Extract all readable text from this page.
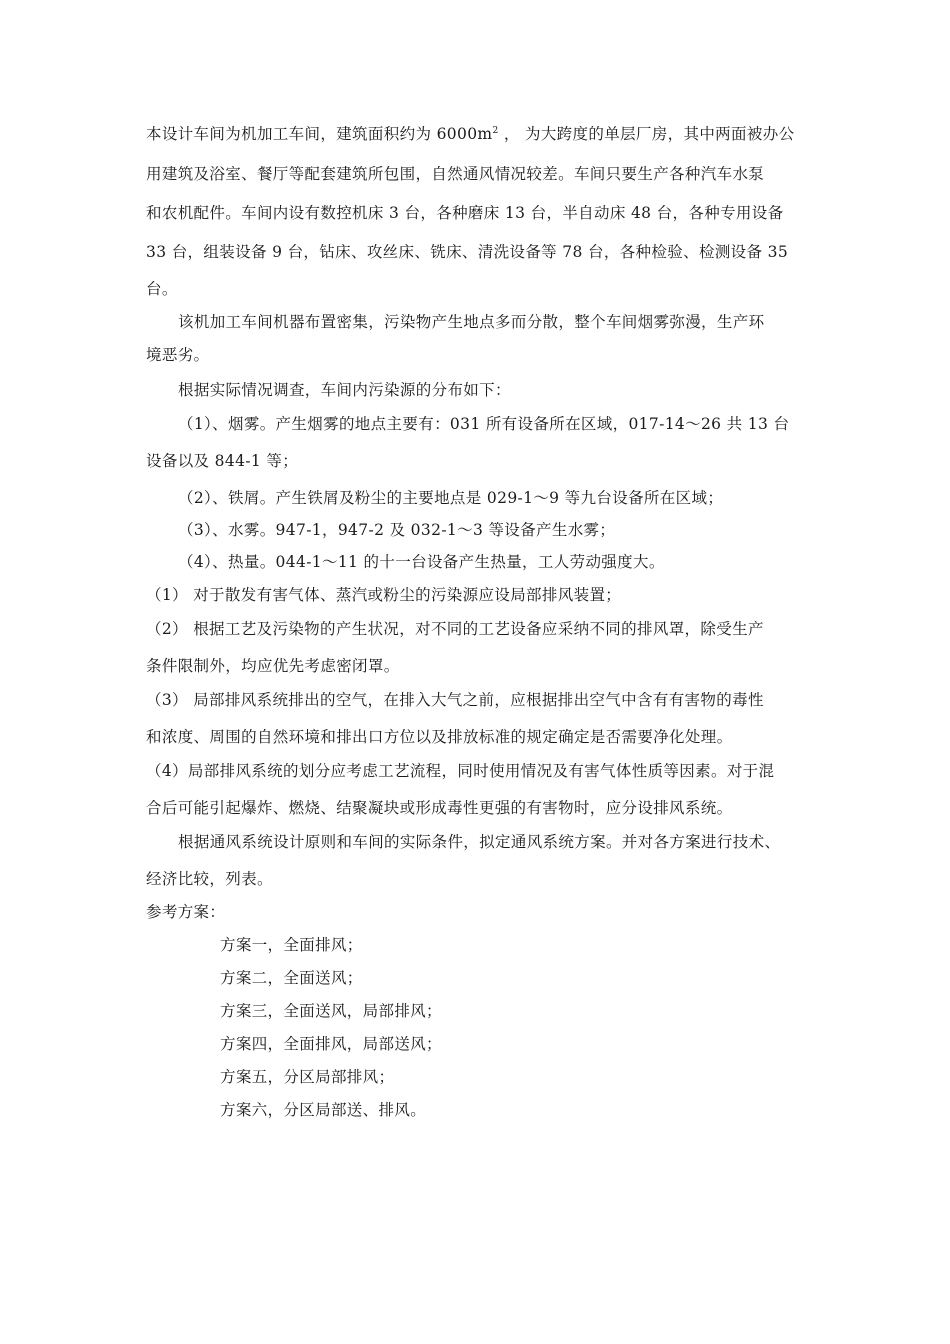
本设计车间为机加工车间，建筑面积约为 $6000m^2$ ， 为大跨度的单层厂房，其中两面被办公
用建筑及浴室、餐厅等配套建筑所包围，自然通风情况较差。车间只要生产各种汽车水泵
和农机配件。车间内设有数控机床 3 台，各种磨床 13 台，半自动床 48 台，各种专用设备
33 台，组装设备 9 台，钻床、攻丝床、铣床、清洗设备等 78 台，各种检验、检测设备 35
台。
该机加工车间机器布置密集，污染物产生地点多而分散，整个车间烟雾弥漫，生产环
境恶劣。
根据实际情况调查，车间内污染源的分布如下：
（1）、烟雾。产生烟雾的地点主要有：031 所有设备所在区域，017-14～26 共 13 台
设备以及 844-1 等；
（2）、铁屑。产生铁屑及粉尘的主要地点是 029-1～9 等九台设备所在区域；
（3）、水雾。947-1，947-2 及 032-1～3 等设备产生水雾；
（4）、热量。044-1～11 的十一台设备产生热量，工人劳动强度大。
（1） 对于散发有害气体、蒸汽或粉尘的污染源应设局部排风装置；
（2） 根据工艺及污染物的产生状况，对不同的工艺设备应采纳不同的排风罩，除受生产
条件限制外，均应优先考虑密闭罩。
（3） 局部排风系统排出的空气，在排入大气之前，应根据排出空气中含有有害物的毒性
和浓度、周围的自然环境和排出口方位以及排放标准的规定确定是否需要净化处理。
（4）局部排风系统的划分应考虑工艺流程，同时使用情况及有害气体性质等因素。对于混
合后可能引起爆炸、燃烧、结聚凝块或形成毒性更强的有害物时，应分设排风系统。
根据通风系统设计原则和车间的实际条件，拟定通风系统方案。并对各方案进行技术、
经济比较，列表。
参考方案：
方案一，全面排风；
方案二，全面送风；
方案三，全面送风，局部排风；
方案四，全面排风，局部送风；
方案五，分区局部排风；
方案六，分区局部送、排风。
